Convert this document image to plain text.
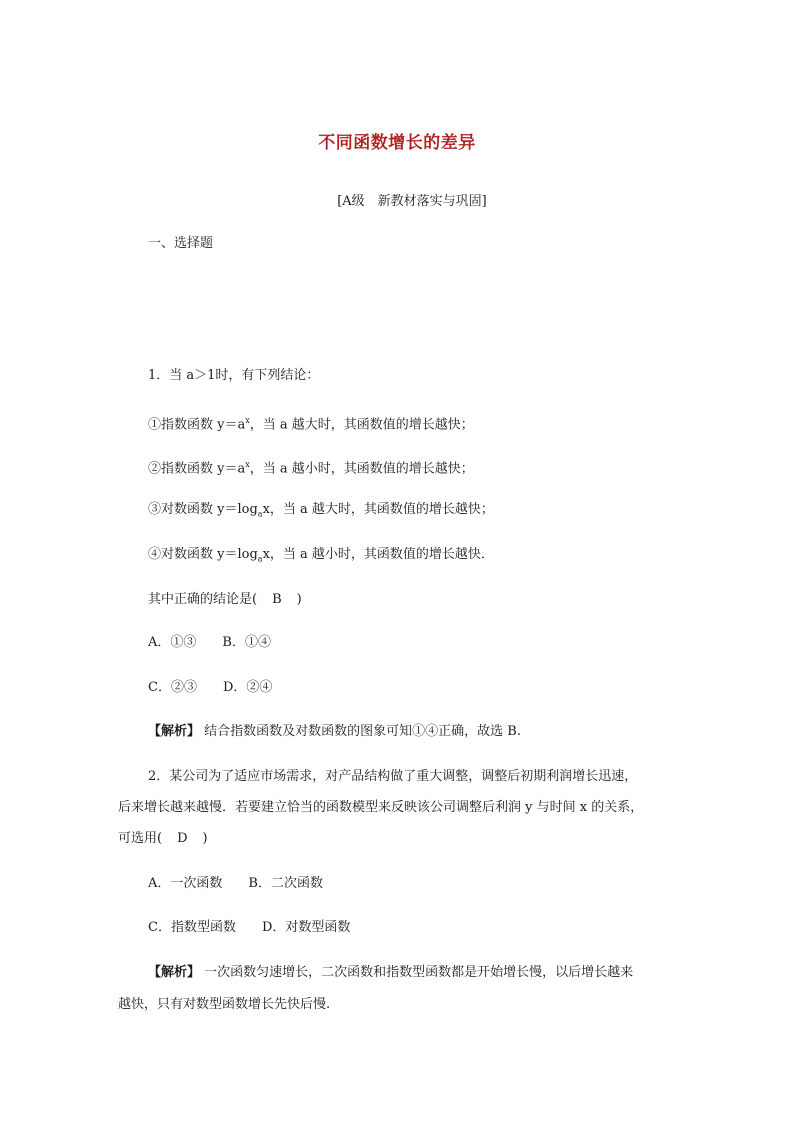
不同函数增长的差异
[A级　新教材落实与巩固]
一、选择题
1．当 a＞1时，有下列结论：
①指数函数 $y=a^x$，当 a 越大时，其函数值的增长越快；
②指数函数 $y=a^x$，当 a 越小时，其函数值的增长越快；
③对数函数 $y=\log_ax$，当 a 越大时，其函数值的增长越快；
④对数函数 $y=\log_ax$，当 a 越小时，其函数值的增长越快．
其中正确的结论是(　 B　 )
A．①③　　B．①④
C．②③　　D．②④
【解析】 结合指数函数及对数函数的图象可知①④正确，故选 B.
2．某公司为了适应市场需求，对产品结构做了重大调整，调整后初期利润增长迅速，
后来增长越来越慢．若要建立恰当的函数模型来反映该公司调整后利润 y 与时间 x 的关系，
可选用(　 D　 )
A．一次函数　　B．二次函数
C．指数型函数　　D．对数型函数
【解析】 一次函数匀速增长，二次函数和指数型函数都是开始增长慢，以后增长越来
越快，只有对数型函数增长先快后慢.
